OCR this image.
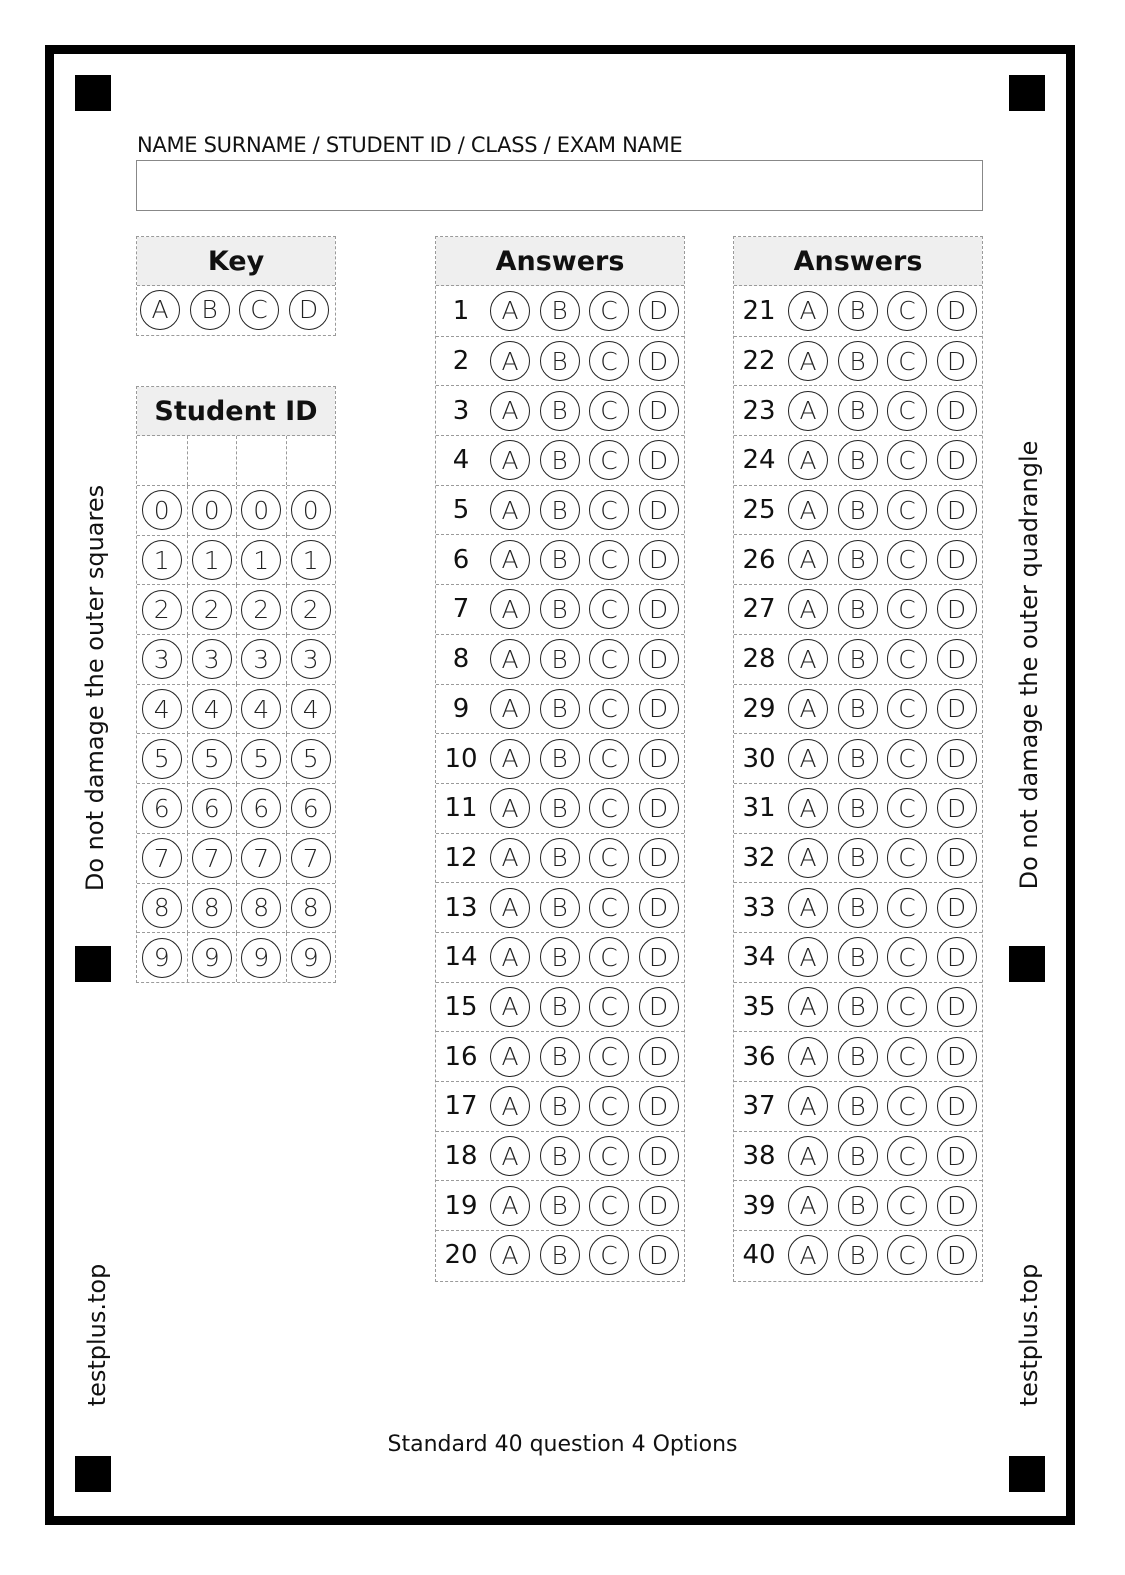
Do not damage the outer squares	Do not damage the outer quadrangle
testplus.top	testplus.top
NAME SURNAME / STUDENT ID / CLASS / EXAM NAME
Key
A	B	C	D
Student ID
0	0	0	0
1	1	1	1
2	2	2	2
3	3	3	3
4	4	4	4
5	5	5	5
6	6	6	6
7	7	7	7
8	8	8	8
9	9	9	9
Answers
1	A	B	C	D
2	A	B	C	D
3	A	B	C	D
4	A	B	C	D
5	A	B	C	D
6	A	B	C	D
7	A	B	C	D
8	A	B	C	D
9	A	B	C	D
10 A	B	C	D
11 A	B	C	D
12 A	B	C	D
13 A	B	C	D
14 A	B	C	D
15 A	B	C	D
16 A	B	C	D
17 A	B	C	D
18 A	B	C	D
19 A	B	C	D
20 A	B	C	D
Answers
21 A	B	C	D
22 A	B	C	D
23 A	B	C	D
24 A	B	C	D
25 A	B	C	D
26 A	B	C	D
27 A	B	C	D
28 A	B	C	D
29 A	B	C	D
30 A	B	C	D
31 A	B	C	D
32 A	B	C	D
33 A	B	C	D
34 A	B	C	D
35 A	B	C	D
36 A	B	C	D
37 A	B	C	D
38 A	B	C	D
39 A	B	C	D
40 A	B	C	D
Standard 40 question 4 Options
